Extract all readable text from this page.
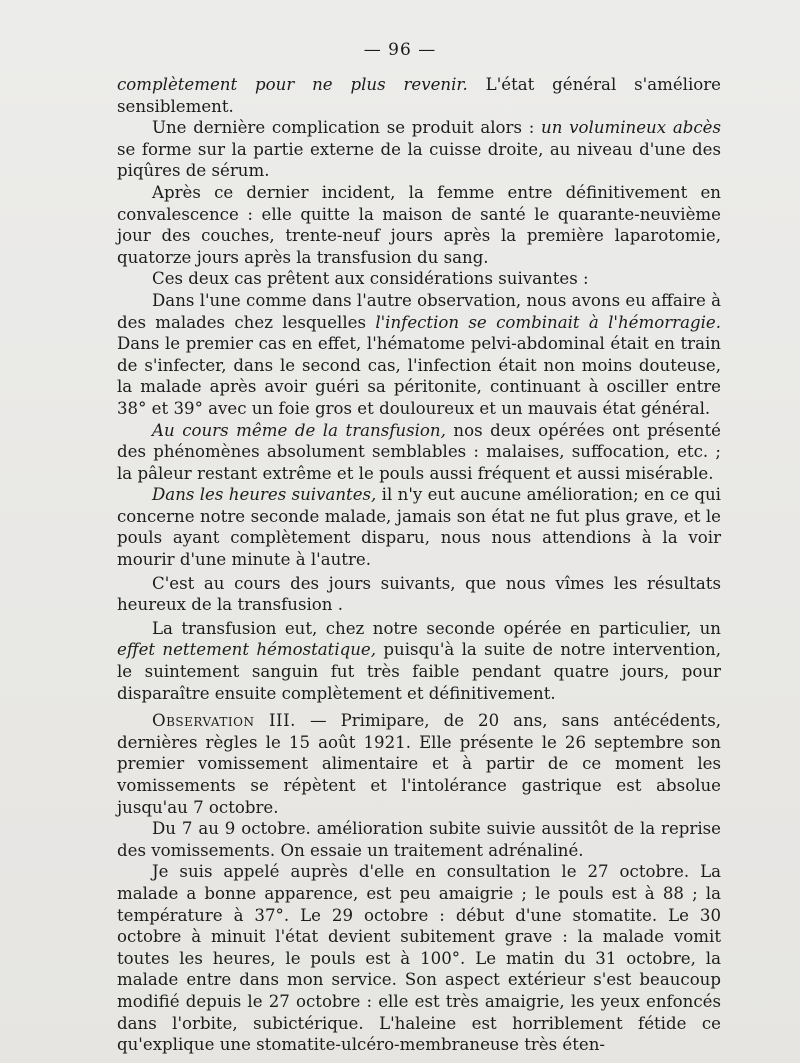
— 96 —

complètement pour ne plus revenir. L'état général s'améliore sensiblement.

Une dernière complication se produit alors : un volumineux abcès se forme sur la partie externe de la cuisse droite, au niveau d'une des piqûres de sérum.

Après ce dernier incident, la femme entre définitivement en convalescence : elle quitte la maison de santé le quarante-neuvième jour des couches, trente-neuf jours après la première laparotomie, quatorze jours après la transfusion du sang.

Ces deux cas prêtent aux considérations suivantes :

Dans l'une comme dans l'autre observation, nous avons eu affaire à des malades chez lesquelles l'infection se combinait à l'hémorragie. Dans le premier cas en effet, l'hématome pelvi-abdominal était en train de s'infecter, dans le second cas, l'infection était non moins douteuse, la malade après avoir guéri sa péritonite, continuant à osciller entre 38° et 39° avec un foie gros et douloureux et un mauvais état général.

Au cours même de la transfusion, nos deux opérées ont présenté des phénomènes absolument semblables : malaises, suffocation, etc. ; la pâleur restant extrême et le pouls aussi fréquent et aussi misérable.

Dans les heures suivantes, il n'y eut aucune amélioration; en ce qui concerne notre seconde malade, jamais son état ne fut plus grave, et le pouls ayant complètement disparu, nous nous attendions à la voir mourir d'une minute à l'autre.

C'est au cours des jours suivants, que nous vîmes les résultats heureux de la transfusion .

La transfusion eut, chez notre seconde opérée en particulier, un effet nettement hémostatique, puisqu'à la suite de notre intervention, le suintement sanguin fut très faible pendant quatre jours, pour disparaître ensuite complètement et définitivement.

Observation III. — Primipare, de 20 ans, sans antécédents, dernières règles le 15 août 1921. Elle présente le 26 septembre son premier vomissement alimentaire et à partir de ce moment les vomissements se répètent et l'intolérance gastrique est absolue jusqu'au 7 octobre.

Du 7 au 9 octobre. amélioration subite suivie aussitôt de la reprise des vomissements. On essaie un traitement adrénaliné.

Je suis appelé auprès d'elle en consultation le 27 octobre. La malade a bonne apparence, est peu amaigrie ; le pouls est à 88 ; la température à 37°. Le 29 octobre : début d'une stomatite. Le 30 octobre à minuit l'état devient subitement grave : la malade vomit toutes les heures, le pouls est à 100°. Le matin du 31 octobre, la malade entre dans mon service. Son aspect extérieur s'est beaucoup modifié depuis le 27 octobre : elle est très amaigrie, les yeux enfoncés dans l'orbite, subictérique. L'haleine est horriblement fétide ce qu'explique une stomatite-ulcéro-membraneuse très éten-
